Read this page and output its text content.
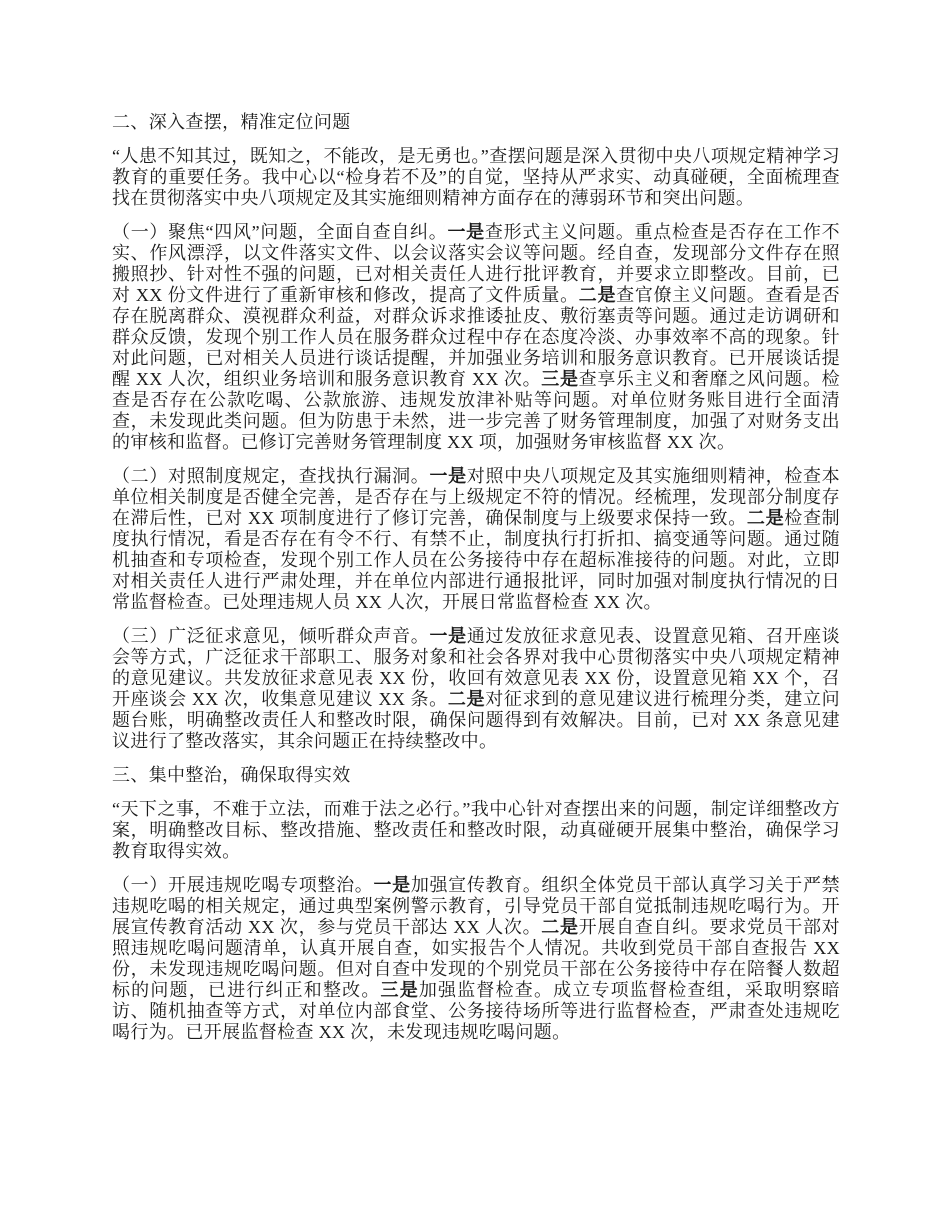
二、深入查摆，精准定位问题

“人患不知其过，既知之，不能改，是无勇也。”查摆问题是深入贯彻中央八项规定精神学习教育的重要任务。我中心以“检身若不及”的自觉，坚持从严求实、动真碰硬，全面梳理查找在贯彻落实中央八项规定及其实施细则精神方面存在的薄弱环节和突出问题。

（一）聚焦“四风”问题，全面自查自纠。一是查形式主义问题。重点检查是否存在工作不实、作风漂浮，以文件落实文件、以会议落实会议等问题。经自查，发现部分文件存在照搬照抄、针对性不强的问题，已对相关责任人进行批评教育，并要求立即整改。目前，已对 XX 份文件进行了重新审核和修改，提高了文件质量。二是查官僚主义问题。查看是否存在脱离群众、漠视群众利益，对群众诉求推诿扯皮、敷衍塞责等问题。通过走访调研和群众反馈，发现个别工作人员在服务群众过程中存在态度冷淡、办事效率不高的现象。针对此问题，已对相关人员进行谈话提醒，并加强业务培训和服务意识教育。已开展谈话提醒 XX 人次，组织业务培训和服务意识教育 XX 次。三是查享乐主义和奢靡之风问题。检查是否存在公款吃喝、公款旅游、违规发放津补贴等问题。对单位财务账目进行全面清查，未发现此类问题。但为防患于未然，进一步完善了财务管理制度，加强了对财务支出的审核和监督。已修订完善财务管理制度 XX 项，加强财务审核监督 XX 次。

（二）对照制度规定，查找执行漏洞。一是对照中央八项规定及其实施细则精神，检查本单位相关制度是否健全完善，是否存在与上级规定不符的情况。经梳理，发现部分制度存在滞后性，已对 XX 项制度进行了修订完善，确保制度与上级要求保持一致。二是检查制度执行情况，看是否存在有令不行、有禁不止，制度执行打折扣、搞变通等问题。通过随机抽查和专项检查，发现个别工作人员在公务接待中存在超标准接待的问题。对此，立即对相关责任人进行严肃处理，并在单位内部进行通报批评，同时加强对制度执行情况的日常监督检查。已处理违规人员 XX 人次，开展日常监督检查 XX 次。

（三）广泛征求意见，倾听群众声音。一是通过发放征求意见表、设置意见箱、召开座谈会等方式，广泛征求干部职工、服务对象和社会各界对我中心贯彻落实中央八项规定精神的意见建议。共发放征求意见表 XX 份，收回有效意见表 XX 份，设置意见箱 XX 个，召开座谈会 XX 次，收集意见建议 XX 条。二是对征求到的意见建议进行梳理分类，建立问题台账，明确整改责任人和整改时限，确保问题得到有效解决。目前，已对 XX 条意见建议进行了整改落实，其余问题正在持续整改中。

三、集中整治，确保取得实效

“天下之事，不难于立法，而难于法之必行。”我中心针对查摆出来的问题，制定详细整改方案，明确整改目标、整改措施、整改责任和整改时限，动真碰硬开展集中整治，确保学习教育取得实效。

（一）开展违规吃喝专项整治。一是加强宣传教育。组织全体党员干部认真学习关于严禁违规吃喝的相关规定，通过典型案例警示教育，引导党员干部自觉抵制违规吃喝行为。开展宣传教育活动 XX 次，参与党员干部达 XX 人次。二是开展自查自纠。要求党员干部对照违规吃喝问题清单，认真开展自查，如实报告个人情况。共收到党员干部自查报告 XX 份，未发现违规吃喝问题。但对自查中发现的个别党员干部在公务接待中存在陪餐人数超标的问题，已进行纠正和整改。三是加强监督检查。成立专项监督检查组，采取明察暗访、随机抽查等方式，对单位内部食堂、公务接待场所等进行监督检查，严肃查处违规吃喝行为。已开展监督检查 XX 次，未发现违规吃喝问题。
